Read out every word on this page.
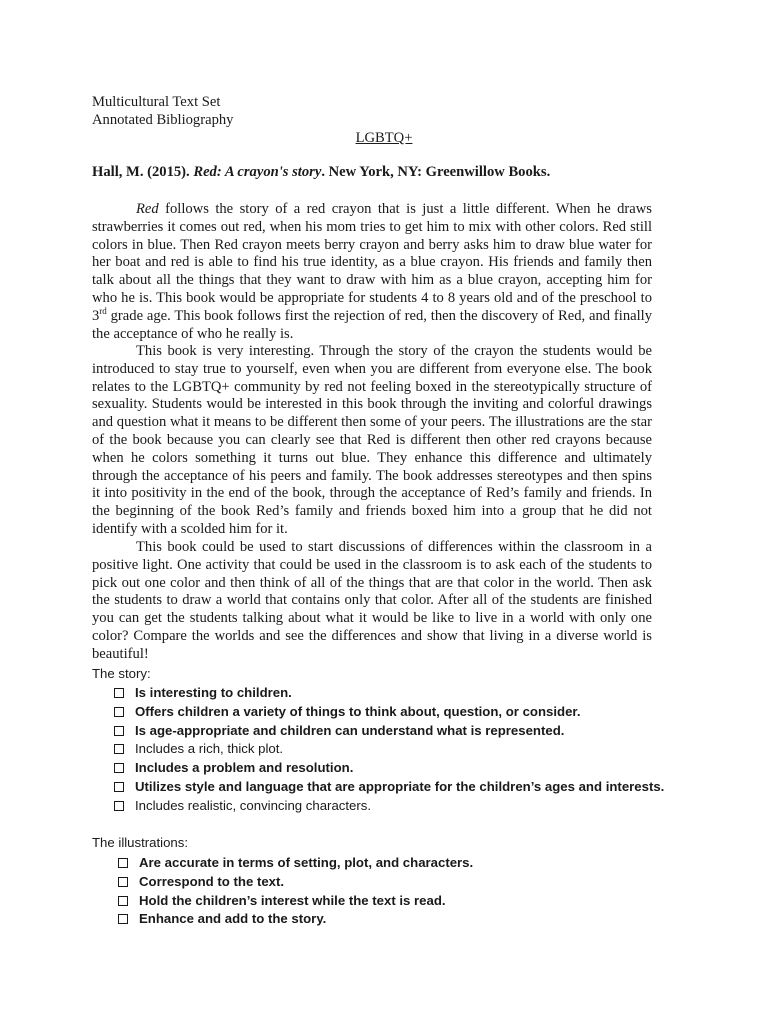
Multicultural Text Set
Annotated Bibliography
LGBTQ+
Hall, M. (2015). Red: A crayon's story. New York, NY: Greenwillow Books.

Red follows the story of a red crayon that is just a little different. When he draws strawberries it comes out red, when his mom tries to get him to mix with other colors. Red still colors in blue. Then Red crayon meets berry crayon and berry asks him to draw blue water for her boat and red is able to find his true identity, as a blue crayon. His friends and family then talk about all the things that they want to draw with him as a blue crayon, accepting him for who he is. This book would be appropriate for students 4 to 8 years old and of the preschool to 3rd grade age. This book follows first the rejection of red, then the discovery of Red, and finally the acceptance of who he really is.

This book is very interesting. Through the story of the crayon the students would be introduced to stay true to yourself, even when you are different from everyone else. The book relates to the LGBTQ+ community by red not feeling boxed in the stereotypically structure of sexuality. Students would be interested in this book through the inviting and colorful drawings and question what it means to be different then some of your peers. The illustrations are the star of the book because you can clearly see that Red is different then other red crayons because when he colors something it turns out blue. They enhance this difference and ultimately through the acceptance of his peers and family. The book addresses stereotypes and then spins it into positivity in the end of the book, through the acceptance of Red’s family and friends. In the beginning of the book Red’s family and friends boxed him into a group that he did not identify with a scolded him for it.

This book could be used to start discussions of differences within the classroom in a positive light. One activity that could be used in the classroom is to ask each of the students to pick out one color and then think of all of the things that are that color in the world. Then ask the students to draw a world that contains only that color. After all of the students are finished you can get the students talking about what it would be like to live in a world with only one color? Compare the worlds and see the differences and show that living in a diverse world is beautiful!

The story:
Is interesting to children.
Offers children a variety of things to think about, question, or consider.
Is age-appropriate and children can understand what is represented.
Includes a rich, thick plot.
Includes a problem and resolution.
Utilizes style and language that are appropriate for the children’s ages and interests.
Includes realistic, convincing characters.
The illustrations:
Are accurate in terms of setting, plot, and characters.
Correspond to the text.
Hold the children’s interest while the text is read.
Enhance and add to the story.
